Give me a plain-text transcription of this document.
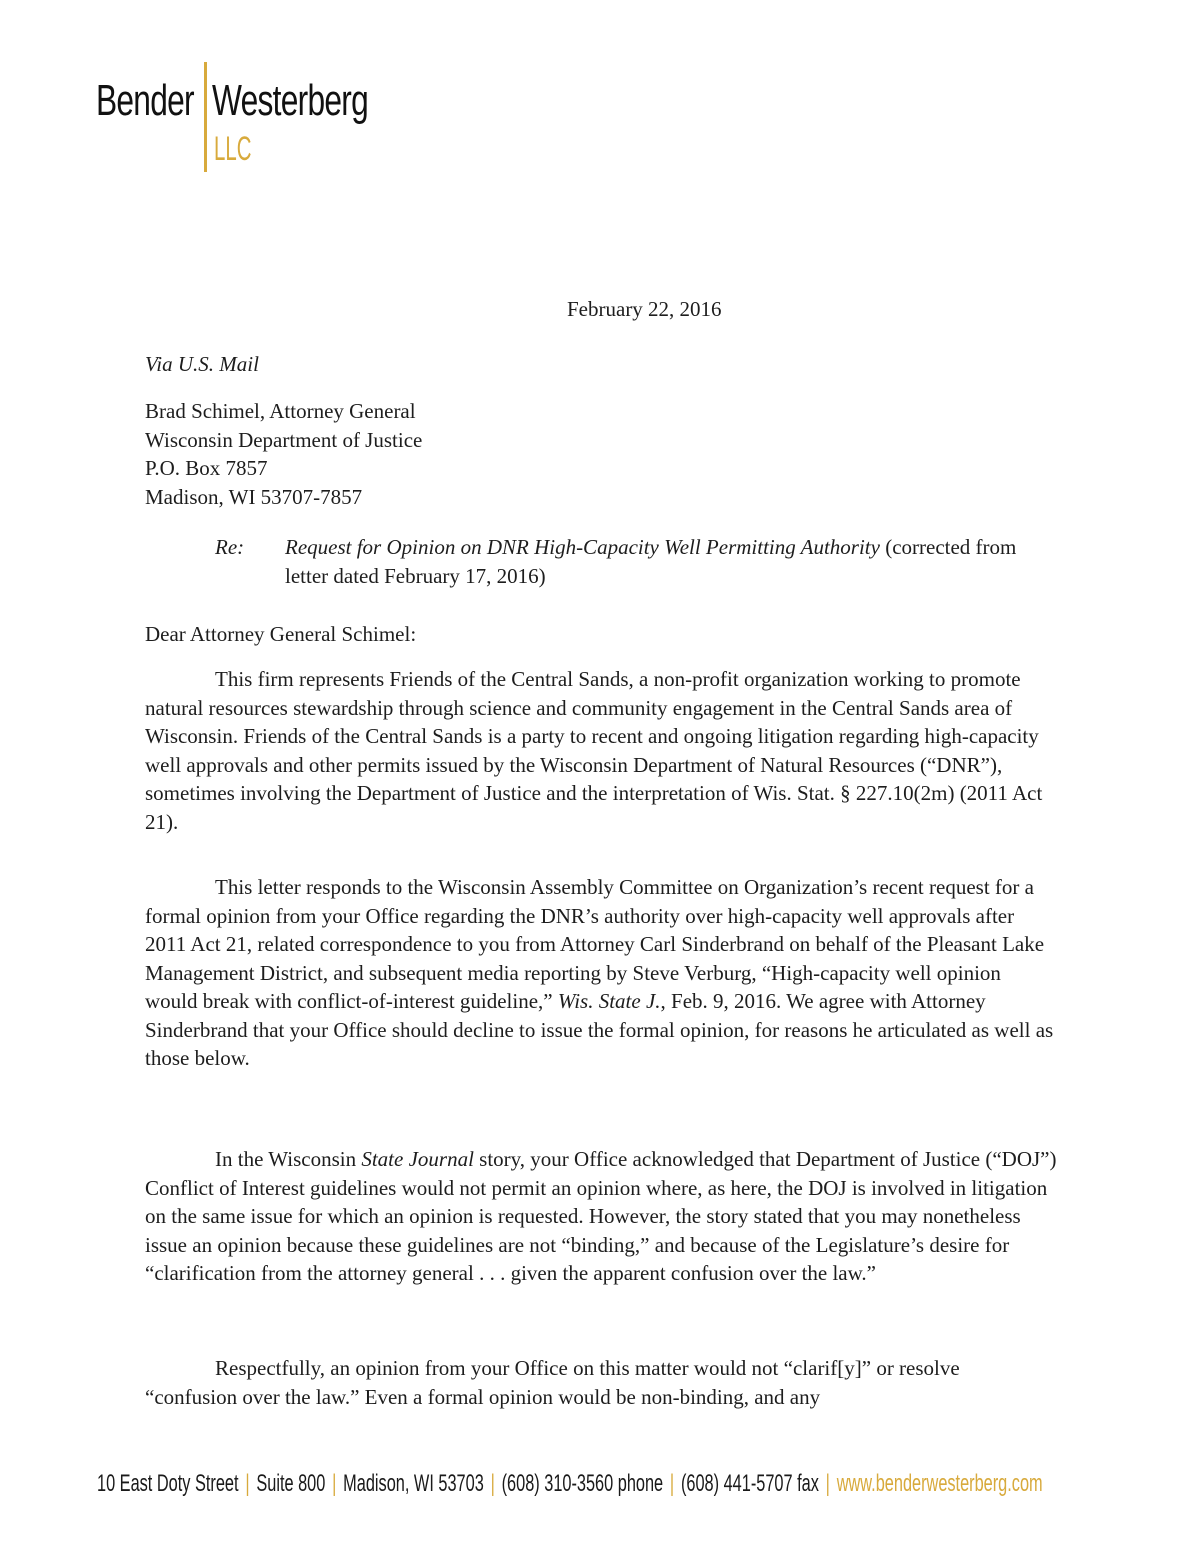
Bender Westerberg
LLC
February 22, 2016
Via U.S. Mail
Brad Schimel, Attorney General
Wisconsin Department of Justice
P.O. Box 7857
Madison, WI 53707-7857
Re: Request for Opinion on DNR High-Capacity Well Permitting Authority (corrected from letter dated February 17, 2016)
Dear Attorney General Schimel:
This firm represents Friends of the Central Sands, a non-profit organization working to promote natural resources stewardship through science and community engagement in the Central Sands area of Wisconsin. Friends of the Central Sands is a party to recent and ongoing litigation regarding high-capacity well approvals and other permits issued by the Wisconsin Department of Natural Resources (“DNR”), sometimes involving the Department of Justice and the interpretation of Wis. Stat. § 227.10(2m) (2011 Act 21).
This letter responds to the Wisconsin Assembly Committee on Organization’s recent request for a formal opinion from your Office regarding the DNR’s authority over high-capacity well approvals after 2011 Act 21, related correspondence to you from Attorney Carl Sinderbrand on behalf of the Pleasant Lake Management District, and subsequent media reporting by Steve Verburg, “High-capacity well opinion would break with conflict-of-interest guideline,” Wis. State J., Feb. 9, 2016. We agree with Attorney Sinderbrand that your Office should decline to issue the formal opinion, for reasons he articulated as well as those below.
In the Wisconsin State Journal story, your Office acknowledged that Department of Justice (“DOJ”) Conflict of Interest guidelines would not permit an opinion where, as here, the DOJ is involved in litigation on the same issue for which an opinion is requested. However, the story stated that you may nonetheless issue an opinion because these guidelines are not “binding,” and because of the Legislature’s desire for “clarification from the attorney general . . . given the apparent confusion over the law.”
Respectfully, an opinion from your Office on this matter would not “clarif[y]” or resolve “confusion over the law.” Even a formal opinion would be non-binding, and any
10 East Doty Street | Suite 800 | Madison, WI 53703 | (608) 310-3560 phone | (608) 441-5707 fax | www.benderwesterberg.com
